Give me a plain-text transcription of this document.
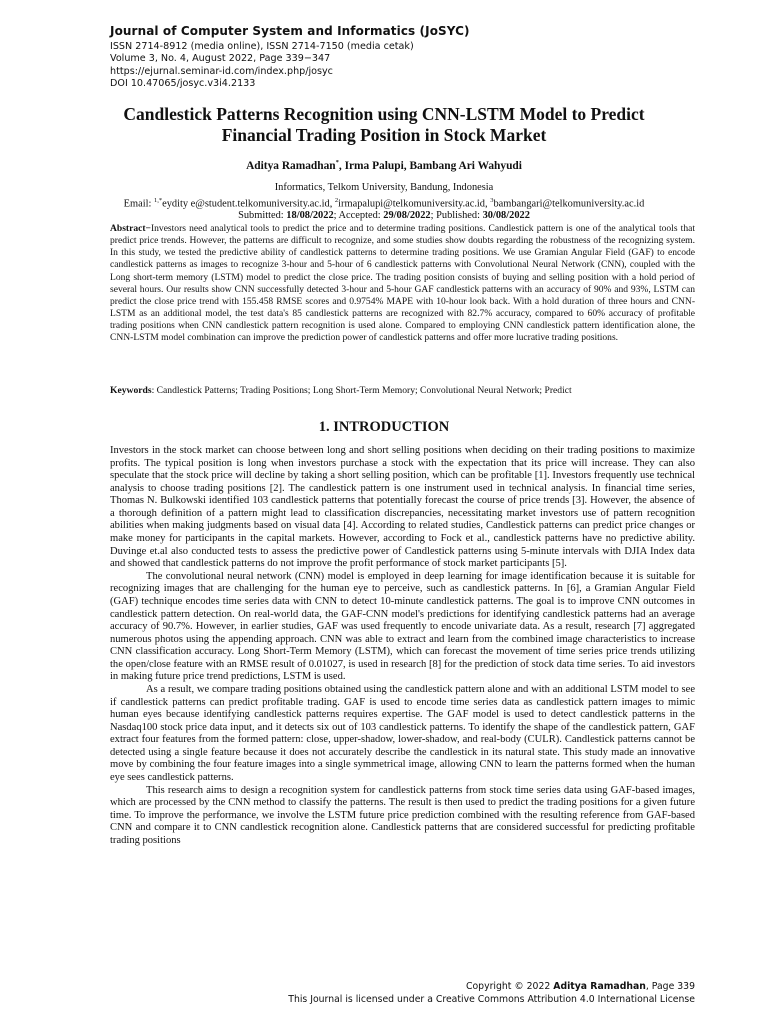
Journal of Computer System and Informatics (JoSYC)

ISSN 2714-8912 (media online), ISSN 2714-7150 (media cetak)

Volume 3, No. 4, August 2022, Page 339−347

https://ejurnal.seminar-id.com/index.php/josyc

DOI 10.47065/josyc.v3i4.2133

Candlestick Patterns Recognition using CNN-LSTM Model to Predict
Financial Trading Position in Stock Market
Aditya Ramadhan*, Irma Palupi, Bambang Ari Wahyudi

Informatics, Telkom University, Bandung, Indonesia

Email: $^{1,*}$eydity e@student.telkomuniversity.ac.id, $^2$irmapalupi@telkomuniversity.ac.id, $^3$bambangari@telkomuniversity.ac.id

Submitted: 18/08/2022; Accepted: 29/08/2022; Published: 30/08/2022

Abstract−Investors need analytical tools to predict the price and to determine trading positions. Candlestick pattern is one of the analytical tools that predict price trends. However, the patterns are difficult to recognize, and some studies show doubts regarding the robustness of the recognizing system. In this study, we tested the predictive ability of candlestick patterns to determine trading positions. We use Gramian Angular Field (GAF) to encode candlestick patterns as images to recognize 3-hour and 5-hour of 6 candlestick patterns with Convolutional Neural Network (CNN), coupled with the Long short-term memory (LSTM) model to predict the close price. The trading position consists of buying and selling position with a hold period of several hours. Our results show CNN successfully detected 3-hour and 5-hour GAF candlestick patterns with an accuracy of 90% and 93%, LSTM can predict the close price trend with 155.458 RMSE scores and 0.9754% MAPE with 10-hour look back. With a hold duration of three hours and CNN-LSTM as an additional model, the test data's 85 candlestick patterns are recognized with 82.7% accuracy, compared to 60% accuracy of profitable trading positions when CNN candlestick pattern recognition is used alone. Compared to employing CNN candlestick pattern identification alone, the CNN-LSTM model combination can improve the prediction power of candlestick patterns and offer more lucrative trading positions.

Keywords: Candlestick Patterns; Trading Positions; Long Short-Term Memory; Convolutional Neural Network; Predict

1. INTRODUCTION

Investors in the stock market can choose between long and short selling positions when deciding on their trading positions to maximize profits. The typical position is long when investors purchase a stock with the expectation that its price will increase. They can also speculate that the stock price will decline by taking a short selling position, which can be profitable [1]. Investors frequently use technical analysis to choose trading positions [2]. The candlestick pattern is one instrument used in technical analysis. In financial time series, Thomas N. Bulkowski identified 103 candlestick patterns that potentially forecast the course of price trends [3]. However, the absence of a thorough definition of a pattern might lead to classification discrepancies, necessitating market investors use of pattern recognition abilities when making judgments based on visual data [4]. According to related studies, Candlestick patterns can predict price changes or make money for participants in the capital markets. However, according to Fock et al., candlestick patterns have no predictive ability. Duvinge et.al also conducted tests to assess the predictive power of Candlestick patterns using 5-minute intervals with DJIA Index data and showed that candlestick patterns do not improve the profit performance of stock market participants [5].

The convolutional neural network (CNN) model is employed in deep learning for image identification because it is suitable for recognizing images that are challenging for the human eye to perceive, such as candlestick patterns. In [6], a Gramian Angular Field (GAF) technique encodes time series data with CNN to detect 10-minute candlestick patterns. The goal is to improve CNN outcomes in candlestick pattern detection. On real-world data, the GAF-CNN model's predictions for identifying candlestick patterns had an average accuracy of 90.7%. However, in earlier studies, GAF was used frequently to encode univariate data. As a result, research [7] aggregated numerous photos using the appending approach. CNN was able to extract and learn from the combined image characteristics to increase CNN classification accuracy. Long Short-Term Memory (LSTM), which can forecast the movement of time series price trends utilizing the open/close feature with an RMSE result of 0.01027, is used in research [8] for the prediction of stock data time series. To aid investors in making future price trend predictions, LSTM is used.

As a result, we compare trading positions obtained using the candlestick pattern alone and with an additional LSTM model to see if candlestick patterns can predict profitable trading. GAF is used to encode time series data as candlestick pattern images to mimic human eyes because identifying candlestick patterns requires expertise. The GAF model is used to detect candlestick patterns in the Nasdaq100 stock price data input, and it detects six out of 103 candlestick patterns. To identify the shape of the candlestick pattern, GAF extract four features from the formed pattern: close, upper-shadow, lower-shadow, and real-body (CULR). Candlestick patterns cannot be detected using a single feature because it does not accurately describe the candlestick in its natural state. This study made an innovative move by combining the four feature images into a single symmetrical image, allowing CNN to learn the patterns formed when the human eye sees candlestick patterns.

This research aims to design a recognition system for candlestick patterns from stock time series data using GAF-based images, which are processed by the CNN method to classify the patterns. The result is then used to predict the trading positions for a given future time. To improve the performance, we involve the LSTM future price prediction combined with the resulting reference from GAF-based CNN and compare it to CNN candlestick recognition alone. Candlestick patterns that are considered successful for predicting profitable trading positions

Copyright © 2022 Aditya Ramadhan, Page 339

This Journal is licensed under a Creative Commons Attribution 4.0 International License
